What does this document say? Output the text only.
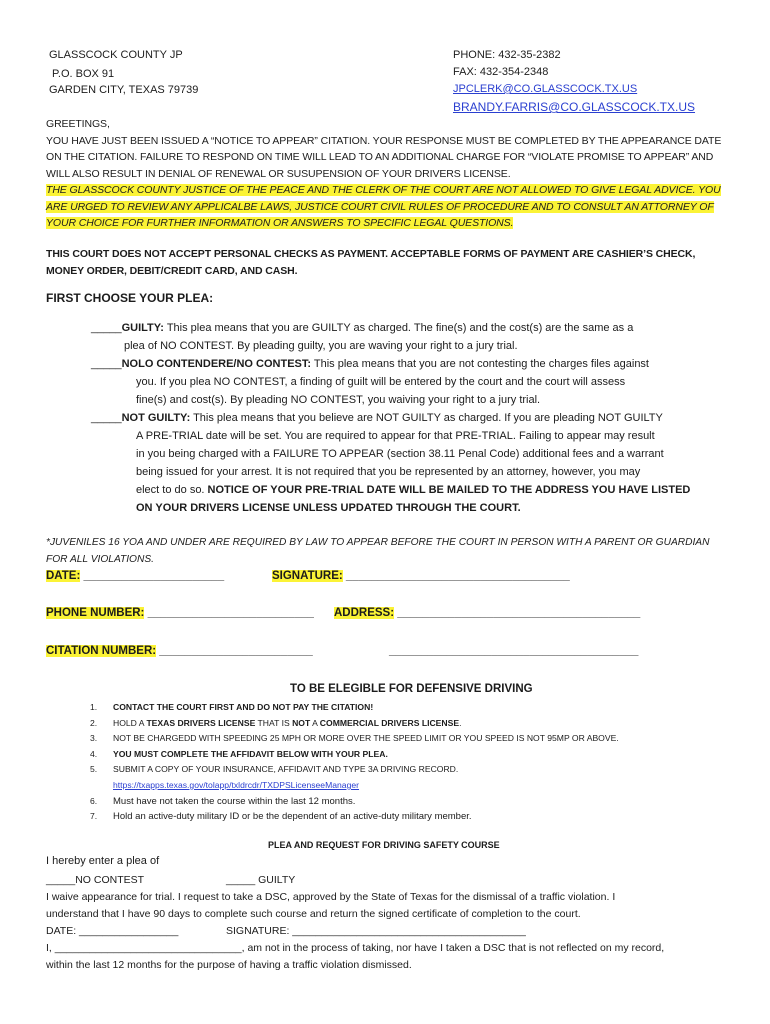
GLASSCOCK COUNTY JP
P.O. BOX 91
GARDEN CITY, TEXAS 79739
PHONE: 432-35-2382
FAX: 432-354-2348
JPCLERK@CO.GLASSCOCK.TX.US
BRANDY.FARRIS@CO.GLASSCOCK.TX.US
GREETINGS,
YOU HAVE JUST BEEN ISSUED A “NOTICE TO APPEAR” CITATION. YOUR RESPONSE MUST BE COMPLETED BY THE APPEARANCE DATE
ON THE CITATION. FAILURE TO RESPOND ON TIME WILL LEAD TO AN ADDITIONAL CHARGE FOR “VIOLATE PROMISE TO APPEAR” AND
WILL ALSO RESULT IN DENIAL OF RENEWAL OR SUSUPENSION OF YOUR DRIVERS LICENSE.
THE GLASSCOCK COUNTY JUSTICE OF THE PEACE AND THE CLERK OF THE COURT ARE NOT ALLOWED TO GIVE LEGAL ADVICE. YOU
ARE URGED TO REVIEW ANY APPLICALBE LAWS, JUSTICE COURT CIVIL RULES OF PROCEDURE AND TO CONSULT AN ATTORNEY OF
YOUR CHOICE FOR FURTHER INFORMATION OR ANSWERS TO SPECIFIC LEGAL QUESTIONS.
THIS COURT DOES NOT ACCEPT PERSONAL CHECKS AS PAYMENT. ACCEPTABLE FORMS OF PAYMENT ARE CASHIER’S CHECK,
MONEY ORDER, DEBIT/CREDIT CARD, AND CASH.
FIRST CHOOSE YOUR PLEA:
_____GUILTY: This plea means that you are GUILTY as charged. The fine(s) and the cost(s) are the same as a
plea of NO CONTEST. By pleading guilty, you are waving your right to a jury trial.
_____NOLO CONTENDERE/NO CONTEST: This plea means that you are not contesting the charges files against
you. If you plea NO CONTEST, a finding of guilt will be entered by the court and the court will assess
fine(s) and cost(s). By pleading NO CONTEST, you waiving your right to a jury trial.
_____NOT GUILTY: This plea means that you believe are NOT GUILTY as charged. If you are pleading NOT GUILTY
A PRE-TRIAL date will be set. You are required to appear for that PRE-TRIAL. Failing to appear may result
in you being charged with a FAILURE TO APPEAR (section 38.11 Penal Code) additional fees and a warrant
being issued for your arrest. It is not required that you be represented by an attorney, however, you may
elect to do so. NOTICE OF YOUR PRE-TRIAL DATE WILL BE MAILED TO THE ADDRESS YOU HAVE LISTED
ON YOUR DRIVERS LICENSE UNLESS UPDATED THROUGH THE COURT.
*JUVENILES 16 YOA AND UNDER ARE REQUIRED BY LAW TO APPEAR BEFORE THE COURT IN PERSON WITH A PARENT OR GUARDIAN
FOR ALL VIOLATIONS.
DATE: ______________________	SIGNATURE: ___________________________________
PHONE NUMBER: __________________________ ADDRESS: ______________________________________
CITATION NUMBER: ________________________	_______________________________________
TO BE ELEGIBLE FOR DEFENSIVE DRIVING
1. CONTACT THE COURT FIRST AND DO NOT PAY THE CITATION!
2. HOLD A TEXAS DRIVERS LICENSE THAT IS NOT A COMMERCIAL DRIVERS LICENSE.
3. NOT BE CHARGEDD WITH SPEEDING 25 MPH OR MORE OVER THE SPEED LIMIT OR YOU SPEED IS NOT 95MP OR ABOVE.
4. YOU MUST COMPLETE THE AFFIDAVIT BELOW WITH YOUR PLEA.
5. SUBMIT A COPY OF YOUR INSURANCE, AFFIDAVIT AND TYPE 3A DRIVING RECORD.
https://txapps.texas.gov/tolapp/txldrcdr/TXDPSLicenseeManager
6. Must have not taken the course within the last 12 months.
7. Hold an active-duty military ID or be the dependent of an active-duty military member.
PLEA AND REQUEST FOR DRIVING SAFETY COURSE
I hereby enter a plea of
_____NO CONTEST	_____ GUILTY
I waive appearance for trial. I request to take a DSC, approved by the State of Texas for the dismissal of a traffic violation. I
understand that I have 90 days to complete such course and return the signed certificate of completion to the court.
DATE: _________________	SIGNATURE: ________________________________________
I, ________________________________, am not in the process of taking, nor have I taken a DSC that is not reflected on my record,
within the last 12 months for the purpose of having a traffic violation dismissed.
